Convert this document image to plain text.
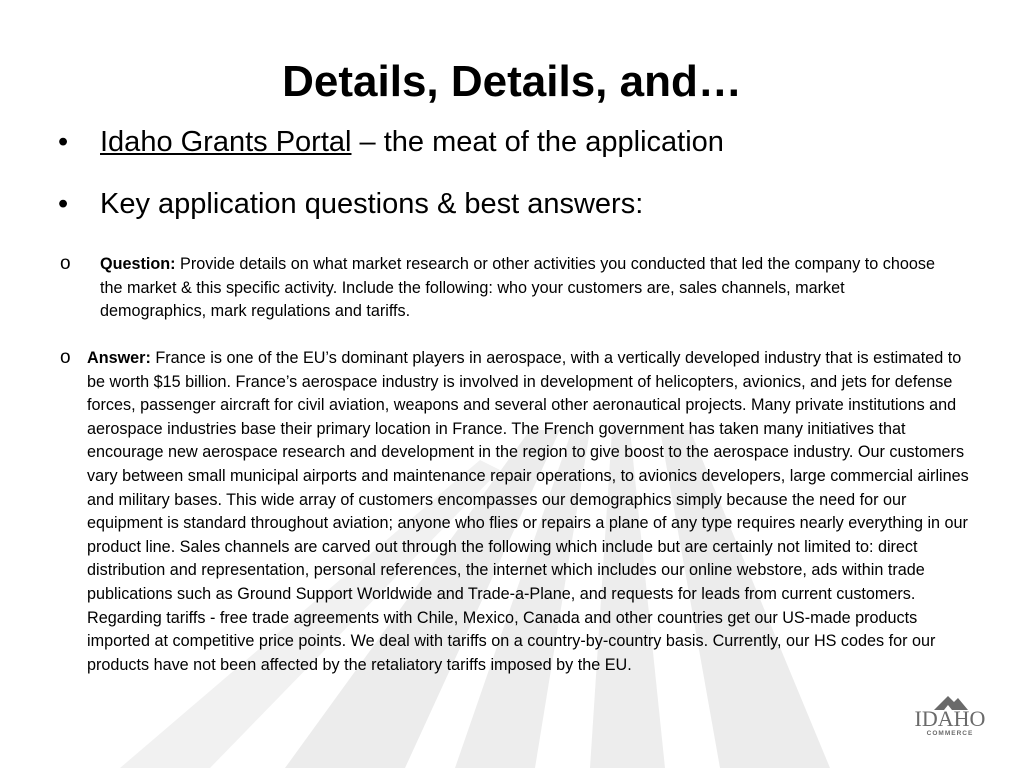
Details, Details, and…
•	Idaho Grants Portal – the meat of the application
•	Key application questions & best answers:
o	Question: Provide details on what market research or other activities you conducted that led the company to choose the market & this specific activity. Include the following: who your customers are, sales channels, market demographics, mark regulations and tariffs.
o	Answer: France is one of the EU’s dominant players in aerospace, with a vertically developed industry that is estimated to be worth $15 billion. France’s aerospace industry is involved in development of helicopters, avionics, and jets for defense forces, passenger aircraft for civil aviation, weapons and several other aeronautical projects. Many private institutions and aerospace industries base their primary location in France. The French government has taken many initiatives that encourage new aerospace research and development in the region to give boost to the aerospace industry. Our customers vary between small municipal airports and maintenance repair operations, to avionics developers, large commercial airlines and military bases. This wide array of customers encompasses our demographics simply because the need for our equipment is standard throughout aviation; anyone who flies or repairs a plane of any type requires nearly everything in our product line. Sales channels are carved out through the following which include but are certainly not limited to: direct distribution and representation, personal references, the internet which includes our online webstore, ads within trade publications such as Ground Support Worldwide and Trade-a-Plane, and requests for leads from current customers. Regarding tariffs - free trade agreements with Chile, Mexico, Canada and other countries get our US-made products imported at competitive price points. We deal with tariffs on a country-by-country basis. Currently, our HS codes for our products have not been affected by the retaliatory tariffs imposed by the EU.
IDAHO
COMMERCE
